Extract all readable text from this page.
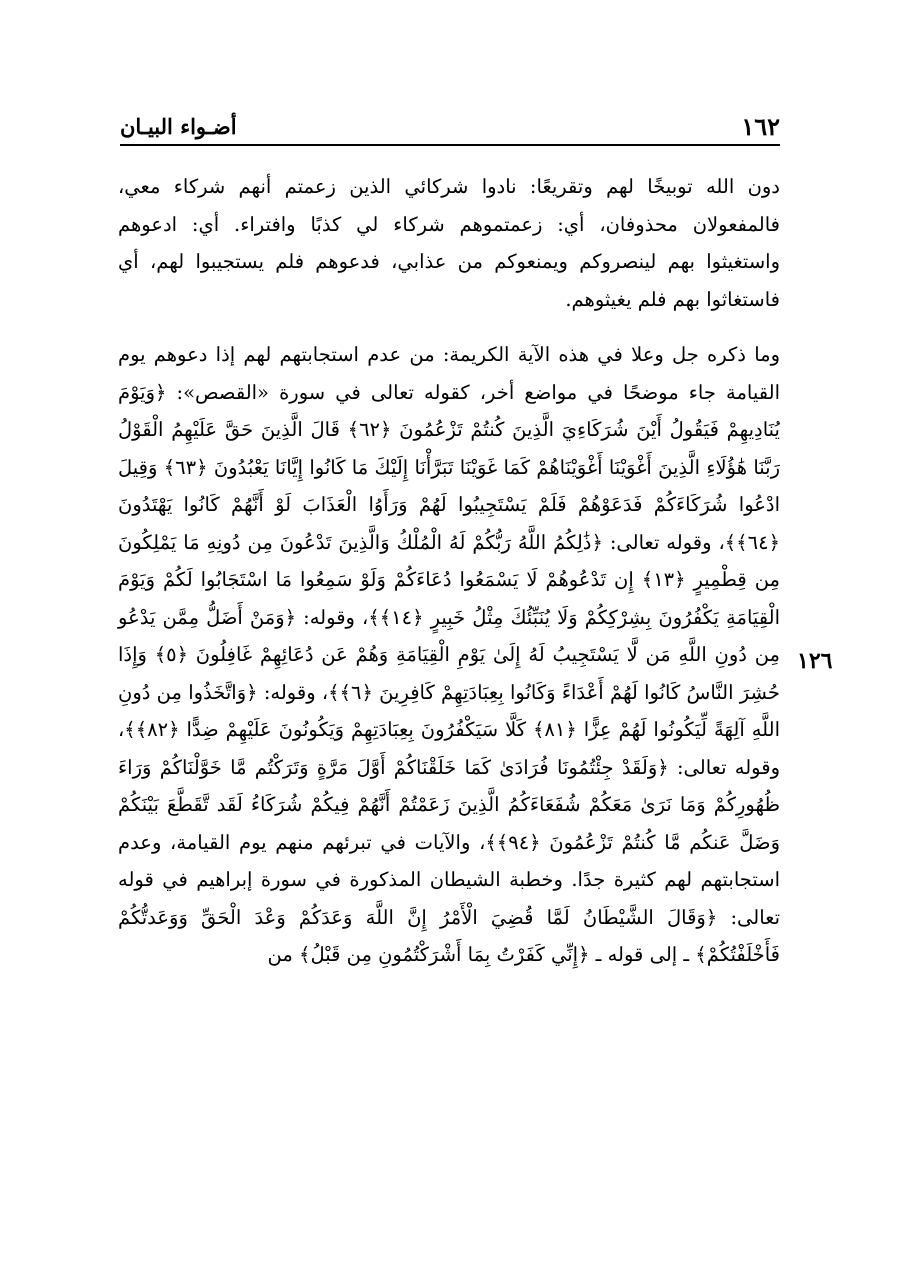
١٦٢
أضـواء البيـان
١٢٦

دون الله توبيخًا لهم وتقريعًا: نادوا شركائي الذين زعمتم أنهم شركاء معي، فالمفعولان محذوفان، أي: زعمتموهم شركاء لي كذبًا وافتراء. أي: ادعوهم واستغيثوا بهم لينصروكم ويمنعوكم من عذابي، فدعوهم فلم يستجيبوا لهم، أي فاستغاثوا بهم فلم يغيثوهم.

وما ذكره جل وعلا في هذه الآية الكريمة: من عدم استجابتهم لهم إذا دعوهم يوم القيامة جاء موضحًا في مواضع أخر، كقوله تعالى في سورة «القصص»: ﴿وَيَوْمَ يُنَادِيهِمْ فَيَقُولُ أَيْنَ شُرَكَاءِيَ الَّذِينَ كُنتُمْ تَزْعُمُونَ ﴿٦٢﴾ قَالَ الَّذِينَ حَقَّ عَلَيْهِمُ الْقَوْلُ رَبَّنَا هَٰؤُلَاءِ الَّذِينَ أَغْوَيْنَا أَغْوَيْنَاهُمْ كَمَا غَوَيْنَا تَبَرَّأْنَا إِلَيْكَ مَا كَانُوا إِيَّانَا يَعْبُدُونَ ﴿٦٣﴾ وَقِيلَ ادْعُوا شُرَكَاءَكُمْ فَدَعَوْهُمْ فَلَمْ يَسْتَجِيبُوا لَهُمْ وَرَأَوُا الْعَذَابَ لَوْ أَنَّهُمْ كَانُوا يَهْتَدُونَ ﴿٦٤﴾﴾، وقوله تعالى: ﴿ذَٰلِكُمُ اللَّهُ رَبُّكُمْ لَهُ الْمُلْكُ وَالَّذِينَ تَدْعُونَ مِن دُونِهِ مَا يَمْلِكُونَ مِن قِطْمِيرٍ ﴿١٣﴾ إِن تَدْعُوهُمْ لَا يَسْمَعُوا دُعَاءَكُمْ وَلَوْ سَمِعُوا مَا اسْتَجَابُوا لَكُمْ وَيَوْمَ الْقِيَامَةِ يَكْفُرُونَ بِشِرْكِكُمْ وَلَا يُنَبِّئُكَ مِثْلُ خَبِيرٍ ﴿١٤﴾﴾، وقوله: ﴿وَمَنْ أَضَلُّ مِمَّن يَدْعُو مِن دُونِ اللَّهِ مَن لَّا يَسْتَجِيبُ لَهُ إِلَىٰ يَوْمِ الْقِيَامَةِ وَهُمْ عَن دُعَائِهِمْ غَافِلُونَ ﴿٥﴾ وَإِذَا حُشِرَ النَّاسُ كَانُوا لَهُمْ أَعْدَاءً وَكَانُوا بِعِبَادَتِهِمْ كَافِرِينَ ﴿٦﴾﴾، وقوله: ﴿وَاتَّخَذُوا مِن دُونِ اللَّهِ آلِهَةً لِّيَكُونُوا لَهُمْ عِزًّا ﴿٨١﴾ كَلَّا سَيَكْفُرُونَ بِعِبَادَتِهِمْ وَيَكُونُونَ عَلَيْهِمْ ضِدًّا ﴿٨٢﴾﴾، وقوله تعالى: ﴿وَلَقَدْ جِئْتُمُونَا فُرَادَىٰ كَمَا خَلَقْنَاكُمْ أَوَّلَ مَرَّةٍ وَتَرَكْتُم مَّا خَوَّلْنَاكُمْ وَرَاءَ ظُهُورِكُمْ وَمَا نَرَىٰ مَعَكُمْ شُفَعَاءَكُمُ الَّذِينَ زَعَمْتُمْ أَنَّهُمْ فِيكُمْ شُرَكَاءُ لَقَد تَّقَطَّعَ بَيْنَكُمْ وَضَلَّ عَنكُم مَّا كُنتُمْ تَزْعُمُونَ ﴿٩٤﴾﴾، والآيات في تبرئهم منهم يوم القيامة، وعدم استجابتهم لهم كثيرة جدًا. وخطبة الشيطان المذكورة في سورة إبراهيم في قوله تعالى: ﴿وَقَالَ الشَّيْطَانُ لَمَّا قُضِيَ الْأَمْرُ إِنَّ اللَّهَ وَعَدَكُمْ وَعْدَ الْحَقِّ وَوَعَدتُّكُمْ فَأَخْلَفْتُكُمْ﴾ ـ إلى قوله ـ ﴿إِنِّي كَفَرْتُ بِمَا أَشْرَكْتُمُونِ مِن قَبْلُ﴾ من
